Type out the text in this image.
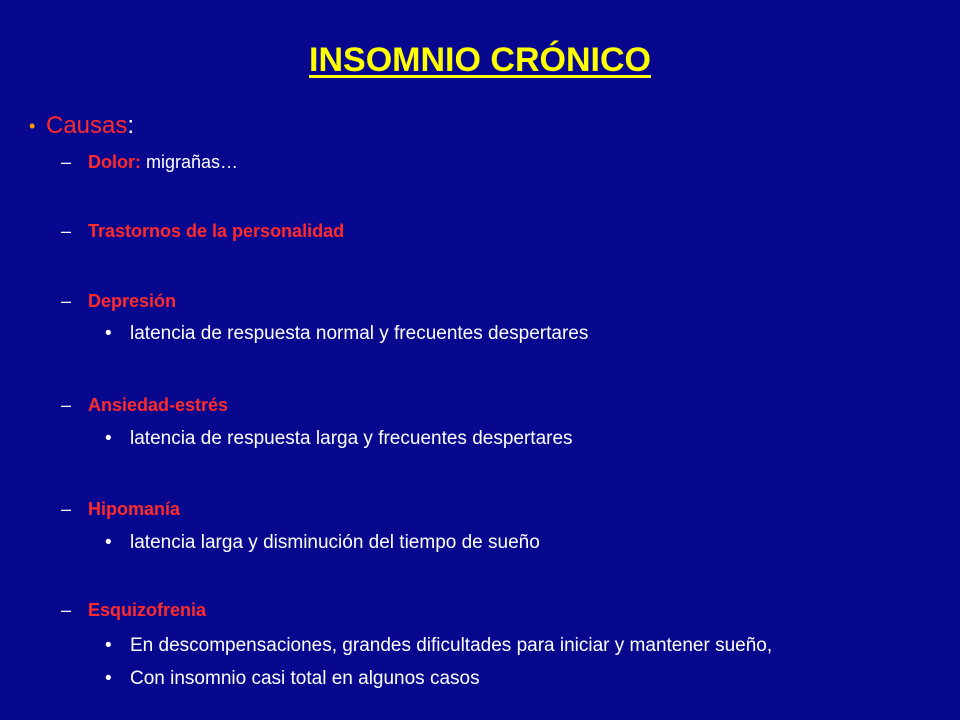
INSOMNIO CRÓNICO
• Causas:
– Dolor: migrañas…
– Trastornos de la personalidad
– Depresión
• latencia de respuesta normal y frecuentes despertares
– Ansiedad-estrés
• latencia de respuesta larga y frecuentes despertares
– Hipomanía
• latencia larga y disminución del tiempo de sueño
– Esquizofrenia
• En descompensaciones, grandes dificultades para iniciar y mantener sueño,
• Con insomnio casi total en algunos casos
